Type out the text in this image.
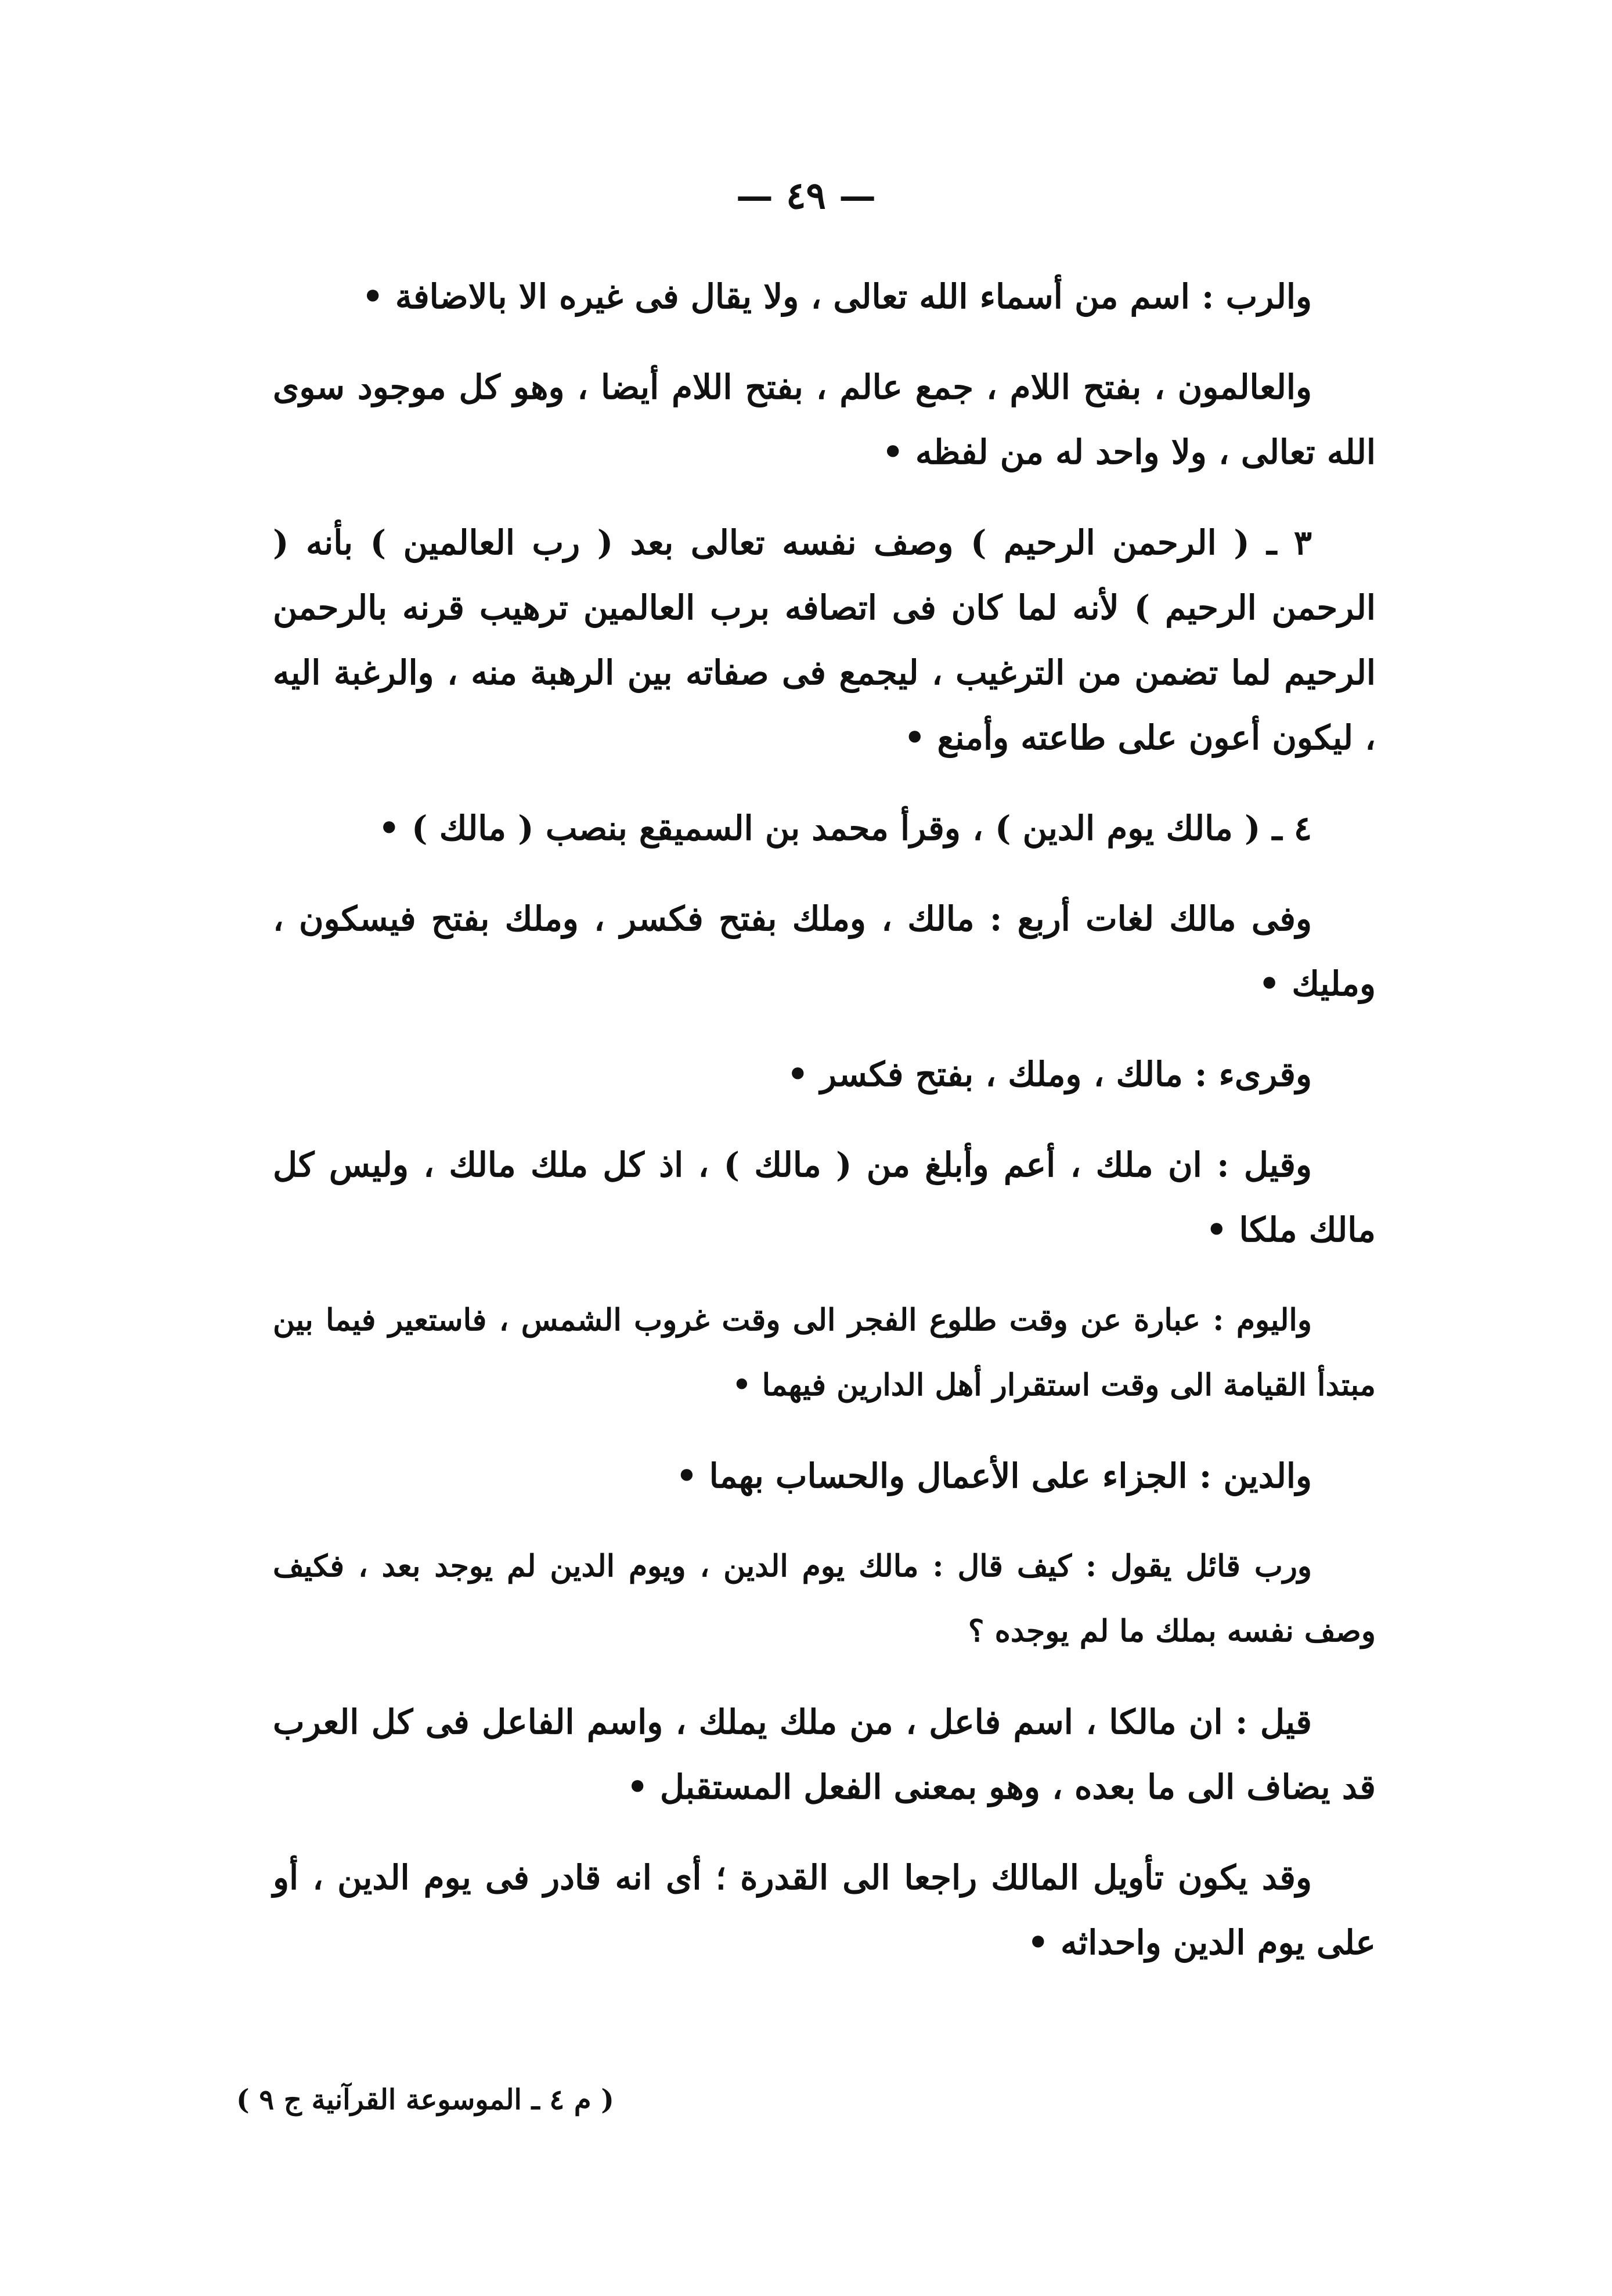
— ٤٩ —

والرب : اسم من أسماء الله تعالى ، ولا يقال فى غيره الا بالاضافة •

والعالمون ، بفتح اللام ، جمع عالم ، بفتح اللام أيضا ، وهو كل موجود سوى الله تعالى ، ولا واحد له من لفظه •

٣ ـ ( الرحمن الرحيم ) وصف نفسه تعالى بعد ( رب العالمين ) بأنه ( الرحمن الرحيم ) لأنه لما كان فى اتصافه برب العالمين ترهيب قرنه بالرحمن الرحيم لما تضمن من الترغيب ، ليجمع فى صفاته بين الرهبة منه ، والرغبة اليه ، ليكون أعون على طاعته وأمنع •

٤ ـ ( مالك يوم الدين ) ، وقرأ محمد بن السميقع بنصب ( مالك ) •

وفى مالك لغات أربع : مالك ، وملك بفتح فكسر ، وملك بفتح فيسكون ، ومليك •

وقرىء : مالك ، وملك ، بفتح فكسر •

وقيل : ان ملك ، أعم وأبلغ من ( مالك ) ، اذ كل ملك مالك ، وليس كل مالك ملكا •

واليوم : عبارة عن وقت طلوع الفجر الى وقت غروب الشمس ، فاستعير فيما بين مبتدأ القيامة الى وقت استقرار أهل الدارين فيهما •

والدين : الجزاء على الأعمال والحساب بهما •

ورب قائل يقول : كيف قال : مالك يوم الدين ، ويوم الدين لم يوجد بعد ، فكيف وصف نفسه بملك ما لم يوجده ؟

قيل : ان مالكا ، اسم فاعل ، من ملك يملك ، واسم الفاعل فى كل العرب قد يضاف الى ما بعده ، وهو بمعنى الفعل المستقبل •

وقد يكون تأويل المالك راجعا الى القدرة ؛ أى انه قادر فى يوم الدين ، أو على يوم الدين واحداثه •

( م ٤ ـ الموسوعة القرآنية ج ٩ )
